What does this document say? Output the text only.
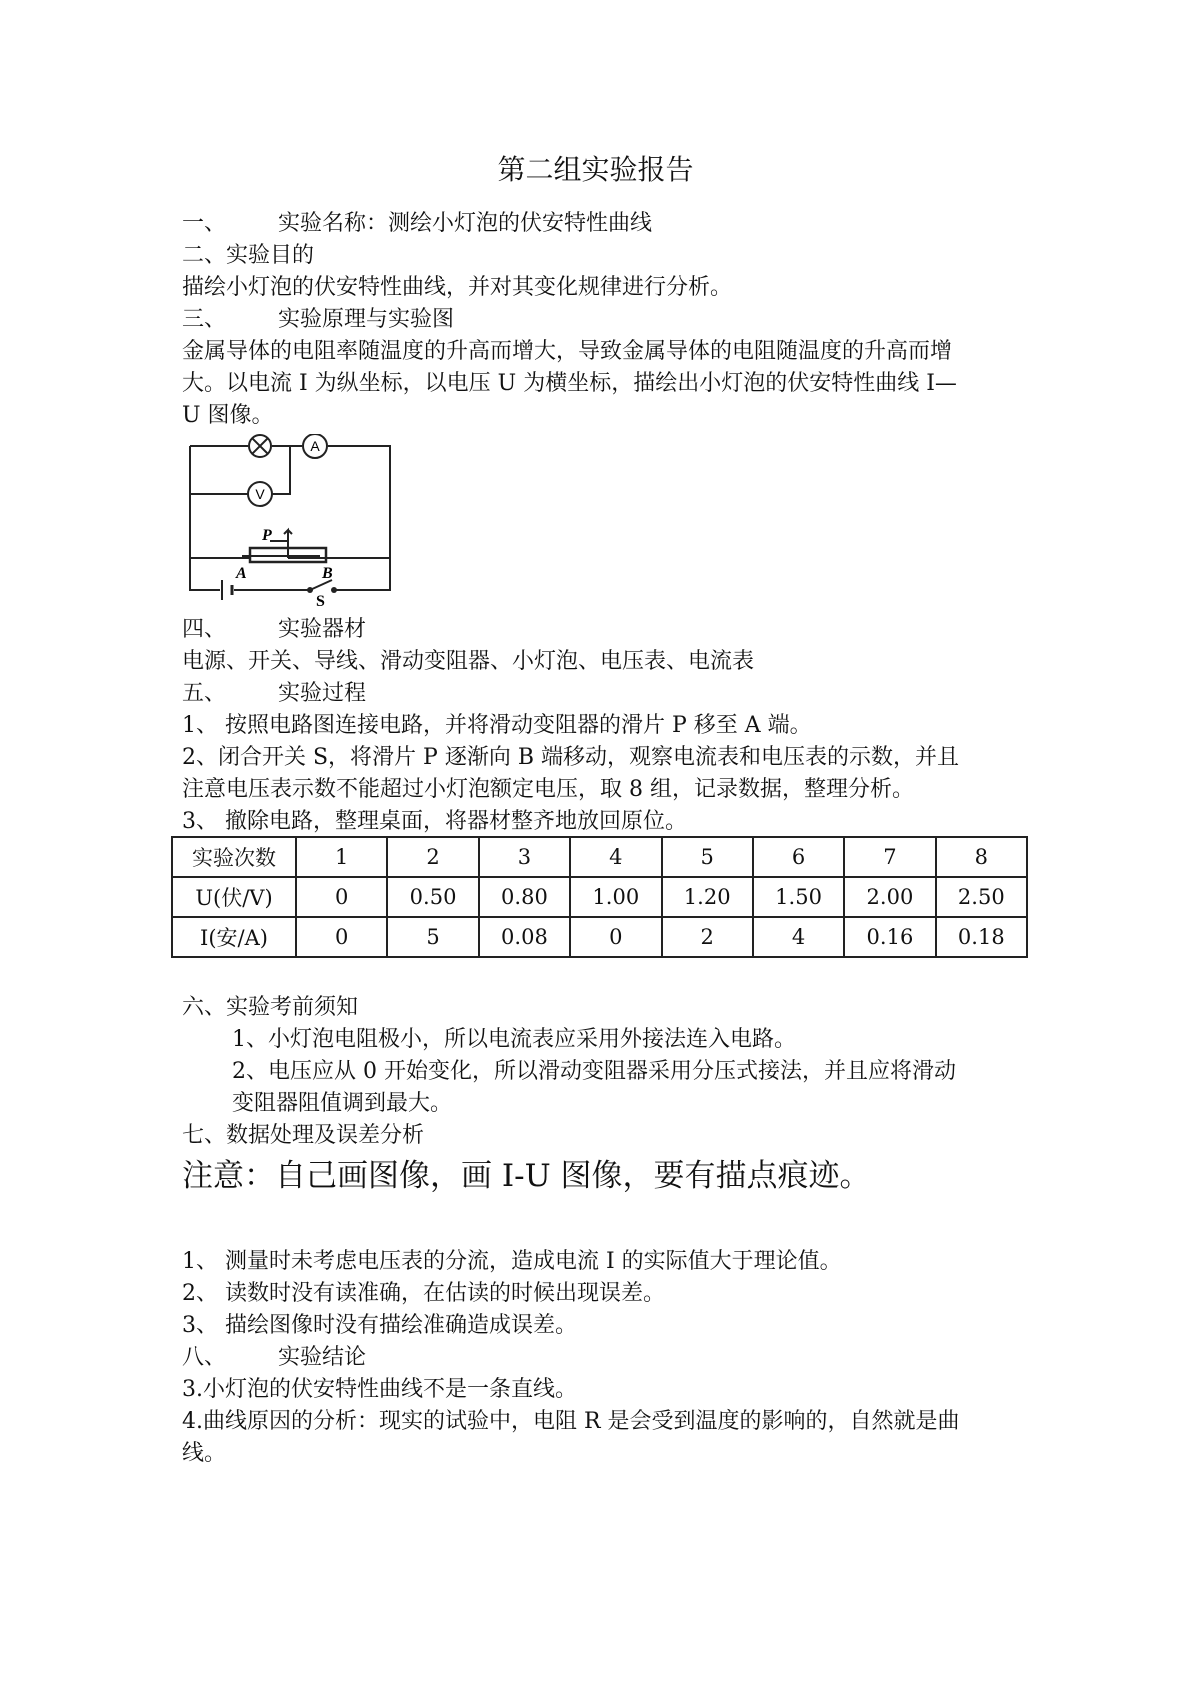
第二组实验报告
一、 实验名称：测绘小灯泡的伏安特性曲线
二、实验目的
描绘小灯泡的伏安特性曲线，并对其变化规律进行分析。
三、 实验原理与实验图
金属导体的电阻率随温度的升高而增大，导致金属导体的电阻随温度的升高而增
大。以电流 I 为纵坐标，以电压 U 为横坐标，描绘出小灯泡的伏安特性曲线 I—
U 图像。
A
V
P
A	B
S
四、 实验器材
电源、开关、导线、滑动变阻器、小灯泡、电压表、电流表
五、 实验过程
1、 按照电路图连接电路，并将滑动变阻器的滑片 P 移至 A 端。
2、闭合开关 S，将滑片 P 逐渐向 B 端移动，观察电流表和电压表的示数，并且
注意电压表示数不能超过小灯泡额定电压，取 8 组，记录数据，整理分析。
3、 撤除电路，整理桌面，将器材整齐地放回原位。
实验次数	1	2	3	4	5	6	7	8
U(伏/V)	0	0.50	0.80	1.00	1.20	1.50	2.00	2.50
I(安/A)	0	5	0.08	0	2	4	0.16	0.18
六、实验考前须知
1、小灯泡电阻极小，所以电流表应采用外接法连入电路。
2、电压应从 0 开始变化，所以滑动变阻器采用分压式接法，并且应将滑动
变阻器阻值调到最大。
七、数据处理及误差分析
注意：自己画图像，画 I-U 图像，要有描点痕迹。
1、 测量时未考虑电压表的分流，造成电流 I 的实际值大于理论值。
2、 读数时没有读准确，在估读的时候出现误差。
3、 描绘图像时没有描绘准确造成误差。
八、 实验结论
3.小灯泡的伏安特性曲线不是一条直线。
4.曲线原因的分析：现实的试验中，电阻 R 是会受到温度的影响的，自然就是曲
线。
